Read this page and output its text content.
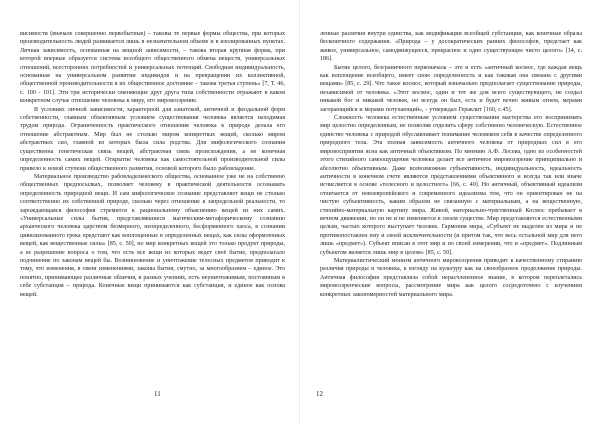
висимости (вначале совершенно первобытные) – таковы те первые формы общества, при которых производительность людей развивается лишь в незначительном объеме и в изолированных пунктах. Личная зависимость, основанная на вещной зависимости, – такова вторая крупная форма, при которой впервые образуется система всеобщего общественного обмена веществ, универсальных отношений, всесторонних потребностей и универсальных потенций. Свободная индивидуальность, основанная на универсальном развитии индивидов и на превращении их коллективной, общественной производительности в их общественное достояние – такова третья ступень» [7, Т. 46, с. 100 - 101]. Эти три исторически сменяющие друг друга типа собственности отражают в каком конкретном случае отношение человека к миру, его мировоззрение.

В условиях личной зависимости, характерной для азиатской, античной и феодальной форм собственности, главным объективным условием существования человека является находимая трудом природа. Ограниченность практического отношения человека к природе делала его отношение абстрактным. Мир был не столько миром конкретных вещей, сколько миром абстрактных сил, главной из которых была сила родства. Для мифологического сознания существенна генетическая связь вещей, абстрактная связь происхождения, а не конечная определенность самих вещей. Открытие человека как самостоятельной производительной силы привело к новой ступени общественного развития, основой которого было рабовладение.

Материальное производство рабовладельческого общества, основанное уже не на собственно общественных предпосылках, позволяет человеку в практической деятельности осознавать определенность природной вещи. И сам мифологическое сознание представляет вещи не столько соответственно их собственной природе, сколько через отношение к запредельной реальности, то зарождающаяся философия стремится к рациональному объяснению вещей из них самих. «Универсальные силы бытия, представлявшиеся магическим-метафорическому сознанию архаического человека царством безмерного, неопределенного, бесформенного хаоса, в сознании цивилизованного грека предстают как воплощенные в определенных вещах, как силы оформленных вещей, как вещественные силы» [85, с. 50], но мир конкретных вещей это только продукт природы, а ее разрешение вопроса о том, что есть все вещи из которых ведет своё бытие, предполагало подчинение по законам вещей бы. Возникновение и уничтожение телесных предметов приводит к тому, что изменения, в связи изменениями, законы бытия, смутно, за многообразием – единое. Это понятно, принимающее различные обличия, в разных учениях, есть неуничтожимым, постоянным в себе субстанция – природа. Конечные вещи принимаются как субстанция, и единое как основа вещей.

11

ленные различия внутри единства, как модификации всеобщей субстанции, как конечные образы бесконечного содержания. «Природа – у досократических ранних философов, предстает как живое, универсальное, самодвижущееся, прекрасное и одно существующее чисто целого» [14, с. 186].

Бытие целого, безграничного первоначала – это и есть «античный космос, где каждая вещь как воплощение всеобщего, имеет свою определенность и как таковая она связана с другими вещами» [85, с. 29]. Что такое космос, который изначально предполагает существование природы, независимой от человека. «Этот космос, один и тот же для всего существующего, не создал никакой бог и никакой человек, но всегда он был, есть и будет вечно живым огнем, мерами загорающийся и мерами потухающий», - утверждал Гераклит [160, с.45].

Сложность человека естественным условием существования мастерства его воспринимать мир целостно определенным, не позволяя отделить сферу собственно человеческую. Естественное единство человека с природой обуславливает понимание человеком себя в качестве определенного природного тела. Эта полная зависимость античного человека от природных сил в его мировосприятии ясна как античный объективизм. По мнению А.Ф. Лосева, одно из особенностей этого стихийного самоощущения человека делает все античное мировоззрение принципиально и абсолютно объективным. Даже всевозможная субъективность, индивидуальность, идеальность античности в конечном счете являются представлениями объективного и всегда так или иначе исчисляется в основе «телесного и целостного» [66, с. 40]. Но античный, объективный идеализм отличается от новоевропейского и современного идеализма тем, что он ориентирован не на чистую субъективность, каким образом не связанную с материальным, а на вещественную, стихийно-материальную картину мира. Живой, материально-чувственный Космос пребывает в вечном движении, но он не и не изменяется в своем существе. Мир представляется естественными целым, частью которого выступает человек. Гармония мира, «Субъект не выделен из мира и не противопоставлен ему и своей исключительности (и притом так, что весь остальной мир для него лишь «предмет»). Субъект вписан в этот мир и по своей измерении, что и «предмет». Подлинным субъектом является лишь мир в целом» [85, с. 50].

Материалистический монизм античного мировоззрения приводит к качественному стиранию различия природы и человека, к взгляду на культуру как на своеобразное продолжение природы. Античная философия представляла собой нерасчлененное знание, в котором переплетались мировоззренческие вопросы, рассмотрение мира как целого сосредоточено с изучением конкретных закономерностей материального мира.

12
